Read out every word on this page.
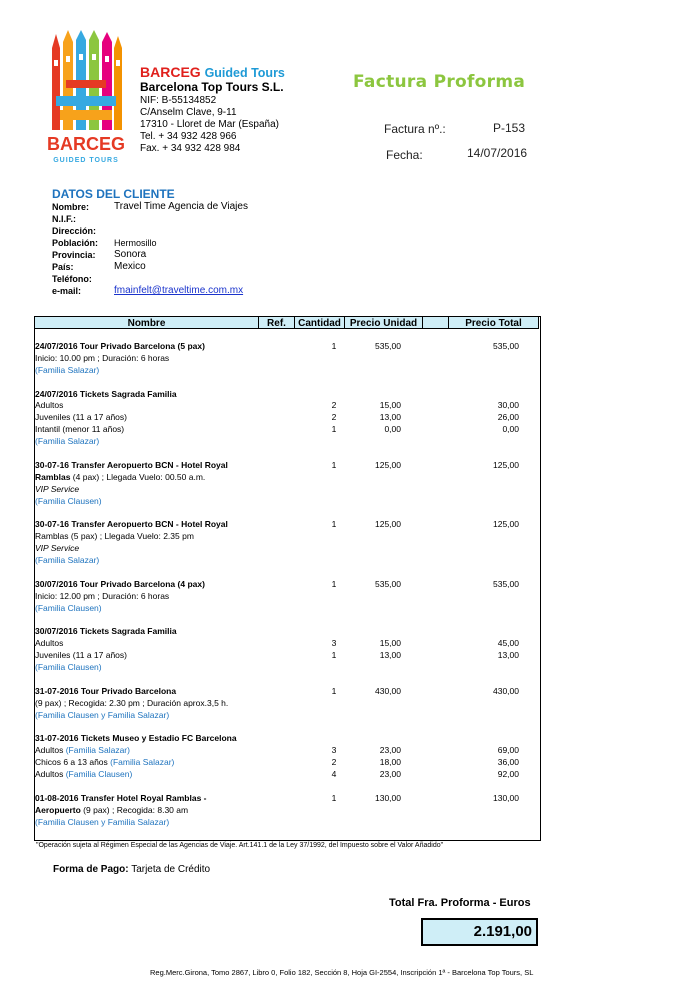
BARCEG
GUIDED TOURS
BARCEG Guided Tours
Barcelona Top Tours S.L.
NIF: B-55134852
C/Anselm Clave, 9-11
17310 - Lloret de Mar (España)
Tel. + 34 932 428 966
Fax. + 34 932 428 984
Factura Proforma
Factura nº.:	P-153
Fecha:	14/07/2016
DATOS DEL CLIENTE
Nombre:	Travel Time Agencia de Viajes
N.I.F.:	
Dirección:	
Población:	Hermosillo
Provincia:	Sonora
País:	Mexico
Teléfono:	
e-mail:	fmainfelt@traveltime.com.mx
Nombre	Ref.	Cantidad Precio Unidad	Precio Total
24/07/2016 Tour Privado Barcelona (5 pax)	1	535,00	535,00
Inicio: 10.00 pm ; Duración: 6 horas
(Familia Salazar)
24/07/2016 Tickets Sagrada Familia
Adultos	2	15,00	30,00
Juveniles (11 a 17 años)	2	13,00	26,00
Intantil (menor 11 años)	1	0,00	0,00
(Familia Salazar)
30-07-16 Transfer Aeropuerto BCN - Hotel Royal	1	125,00	125,00
Ramblas (4 pax) ; Llegada Vuelo: 00.50 a.m.
VIP Service
(Familia Clausen)
30-07-16 Transfer Aeropuerto BCN - Hotel Royal	1	125,00	125,00
Ramblas (5 pax) ; Llegada Vuelo: 2.35 pm
VIP Service
(Familia Salazar)
30/07/2016 Tour Privado Barcelona (4 pax)	1	535,00	535,00
Inicio: 12.00 pm ; Duración: 6 horas
(Familia Clausen)
30/07/2016 Tickets Sagrada Familia
Adultos	3	15,00	45,00
Juveniles (11 a 17 años)	1	13,00	13,00
(Familia Clausen)
31-07-2016 Tour Privado Barcelona	1	430,00	430,00
(9 pax) ; Recogida: 2.30 pm ; Duración aprox.3,5 h.
(Familia Clausen y Familia Salazar)
31-07-2016 Tickets Museo y Estadio FC Barcelona
Adultos (Familia Salazar)	3	23,00	69,00
Chicos 6 a 13 años (Familia Salazar)	2	18,00	36,00
Adultos (Familia Clausen)	4	23,00	92,00
01-08-2016 Transfer Hotel Royal Ramblas -	1	130,00	130,00
Aeropuerto (9 pax) ; Recogida: 8.30 am
(Familia Clausen y Familia Salazar)
"Operación sujeta al Régimen Especial de las Agencias de Viaje. Art.141.1 de la Ley 37/1992, del Impuesto sobre el Valor Añadido"
Forma de Pago: Tarjeta de Crédito
Total Fra. Proforma - Euros
2.191,00
Reg.Merc.Girona, Tomo 2867, Libro 0, Folio 182, Sección 8, Hoja GI-2554, Inscripción 1ª - Barcelona Top Tours, SL
